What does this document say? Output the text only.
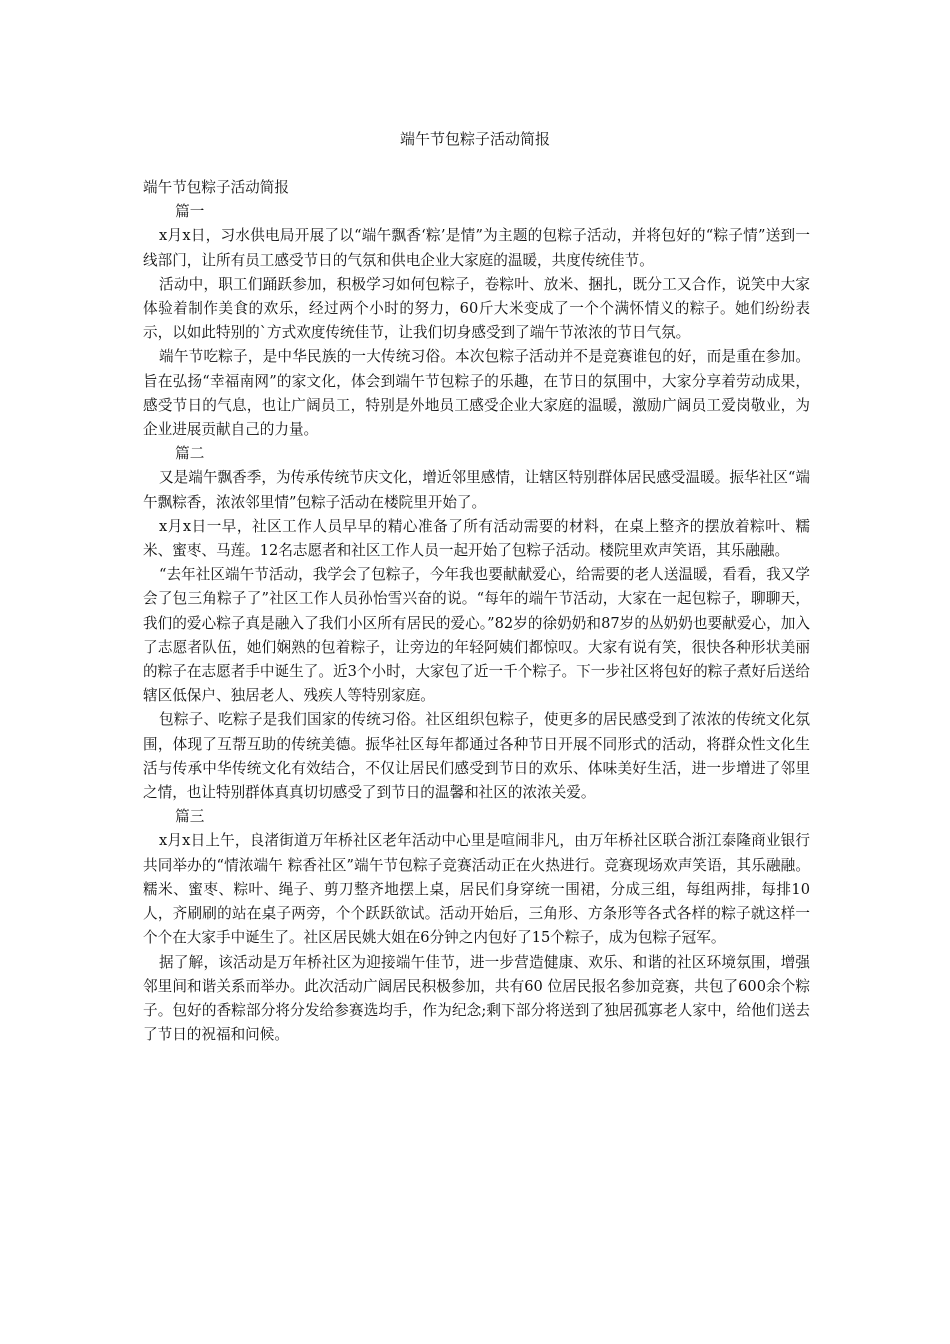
端午节包粽子活动简报

端午节包粽子活动简报

篇一

x月x日，习水供电局开展了以“端午飘香‘粽’是情”为主题的包粽子活动，并将包好的“粽子情”送到一线部门，让所有员工感受节日的气氛和供电企业大家庭的温暖，共度传统佳节。

活动中，职工们踊跃参加，积极学习如何包粽子，卷粽叶、放米、捆扎，既分工又合作，说笑中大家体验着制作美食的欢乐，经过两个小时的努力，60斤大米变成了一个个满怀情义的粽子。她们纷纷表示，以如此特别的`方式欢度传统佳节，让我们切身感受到了端午节浓浓的节日气氛。

端午节吃粽子，是中华民族的一大传统习俗。本次包粽子活动并不是竞赛谁包的好，而是重在参加。旨在弘扬“幸福南网”的家文化，体会到端午节包粽子的乐趣，在节日的氛围中，大家分享着劳动成果，感受节日的气息，也让广阔员工，特别是外地员工感受企业大家庭的温暖，激励广阔员工爱岗敬业，为企业进展贡献自己的力量。

篇二

又是端午飘香季，为传承传统节庆文化，增近邻里感情，让辖区特别群体居民感受温暖。振华社区“端午飘粽香，浓浓邻里情”包粽子活动在楼院里开始了。

x月x日一早，社区工作人员早早的精心准备了所有活动需要的材料，在桌上整齐的摆放着粽叶、糯米、蜜枣、马莲。12名志愿者和社区工作人员一起开始了包粽子活动。楼院里欢声笑语，其乐融融。

“去年社区端午节活动，我学会了包粽子，今年我也要献献爱心，给需要的老人送温暖，看看，我又学会了包三角粽子了”社区工作人员孙怡雪兴奋的说。“每年的端午节活动，大家在一起包粽子，聊聊天，我们的爱心粽子真是融入了我们小区所有居民的爱心。”82岁的徐奶奶和87岁的丛奶奶也要献爱心，加入了志愿者队伍，她们娴熟的包着粽子，让旁边的年轻阿姨们都惊叹。大家有说有笑，很快各种形状美丽的粽子在志愿者手中诞生了。近3个小时，大家包了近一千个粽子。下一步社区将包好的粽子煮好后送给辖区低保户、独居老人、残疾人等特别家庭。

包粽子、吃粽子是我们国家的传统习俗。社区组织包粽子，使更多的居民感受到了浓浓的传统文化氛围，体现了互帮互助的传统美德。振华社区每年都通过各种节日开展不同形式的活动，将群众性文化生活与传承中华传统文化有效结合，不仅让居民们感受到节日的欢乐、体味美好生活，进一步增进了邻里之情，也让特别群体真真切切感受了到节日的温馨和社区的浓浓关爱。

篇三

x月x日上午，良渚街道万年桥社区老年活动中心里是喧闹非凡，由万年桥社区联合浙江泰隆商业银行共同举办的“情浓端午 粽香社区”端午节包粽子竞赛活动正在火热进行。竞赛现场欢声笑语，其乐融融。糯米、蜜枣、粽叶、绳子、剪刀整齐地摆上桌，居民们身穿统一围裙，分成三组，每组两排，每排10人，齐刷刷的站在桌子两旁，个个跃跃欲试。活动开始后，三角形、方条形等各式各样的粽子就这样一个个在大家手中诞生了。社区居民姚大姐在6分钟之内包好了15个粽子，成为包粽子冠军。

据了解，该活动是万年桥社区为迎接端午佳节，进一步营造健康、欢乐、和谐的社区环境氛围，增强邻里间和谐关系而举办。此次活动广阔居民积极参加，共有60 位居民报名参加竞赛，共包了600余个粽子。包好的香粽部分将分发给参赛选均手，作为纪念;剩下部分将送到了独居孤寡老人家中，给他们送去了节日的祝福和问候。
